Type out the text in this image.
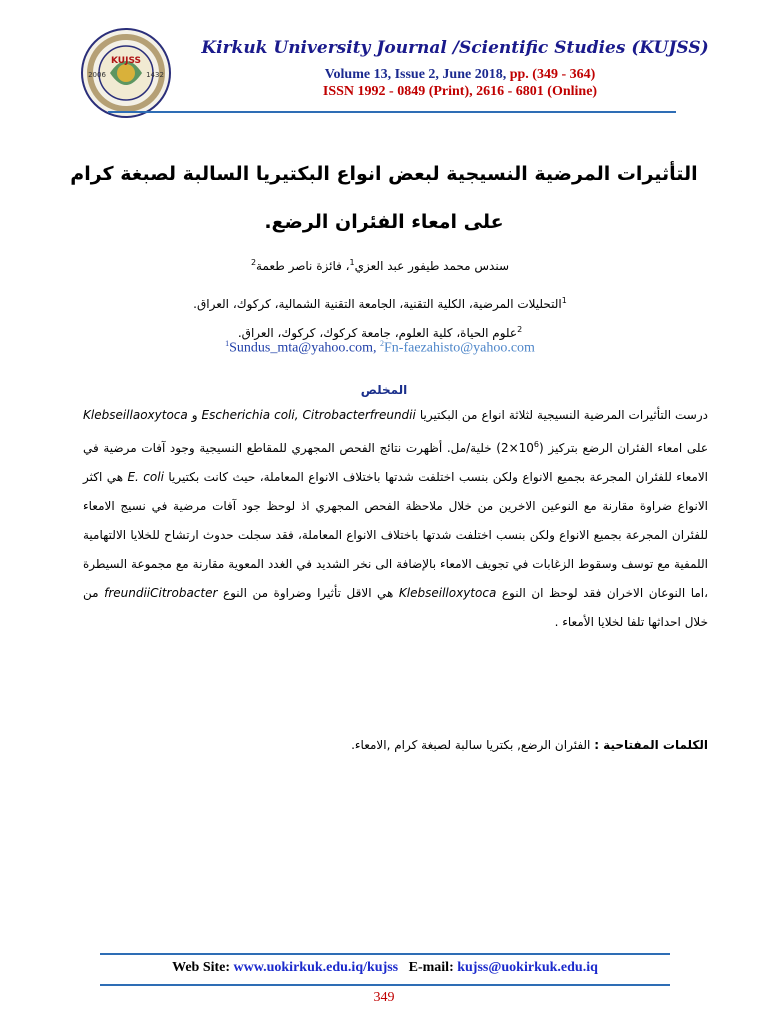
KUJSS
2006	1432
Kirkuk University Journal /Scientific Studies (KUJSS)
Volume 13, Issue 2, June 2018, pp. (349 - 364)
ISSN 1992 - 0849 (Print), 2616 - 6801 (Online)
التأثيرات المرضية النسيجية لبعض انواع البكتيريا السالبة لصبغة كرام على امعاء الفئران الرضع.
سندس محمد طيفور عبد العزي$^1$، فائزة ناصر طعمة$^2$
$^1$التحليلات المرضية، الكلية التقنية، الجامعة التقنية الشمالية، كركوك، العراق.
$^2$علوم الحياة، كلية العلوم، جامعة كركوك، كركوك، العراق.
$^1$Sundus_mta@yahoo.com, $^2$Fn-faezahisto@yahoo.com
المخلص
درست التأثيرات المرضية النسيجية لثلاثة انواع من البكتيريا Escherichia coli, Citrobacterfreundii و Klebseillaoxytoca على امعاء الفئران الرضع بتركيز $(2\times 10^6)$ خلية/مل. أظهرت نتائج الفحص المجهري للمقاطع النسيجية وجود آفات مرضية في الامعاء للفئران المجرعة بجميع الانواع ولكن بنسب اختلفت شدتها باختلاف الانواع المعاملة، حيث كانت بكتيريا E. coli هي اكثر الانواع ضراوة مقارنة مع النوعين الاخرين من خلال ملاحظة الفحص المجهري اذ لوحظ جود آفات مرضية في نسيج الامعاء للفئران المجرعة بجميع الانواع ولكن بنسب اختلفت شدتها باختلاف الانواع المعاملة، فقد سجلت حدوث ارتشاح للخلايا الالتهامية اللمفية مع توسف وسقوط الزغابات في تجويف الامعاء بالإضافة الى نخر الشديد في الغدد المعوية مقارنة مع مجموعة السيطرة ،اما النوعان الاخران فقد لوحظ ان النوع Klebseilloxytoca هي الاقل تأثيرا وضراوة من النوع freundiiCitrobacter من خلال احداثها تلفا لخلايا الأمعاء .
الكلمات المفتاحية : الفئران الرضع, بكتريا سالبة لصبغة كرام ,الامعاء.
Web Site: www.uokirkuk.edu.iq/kujss E-mail: kujss@uokirkuk.edu.iq
349
